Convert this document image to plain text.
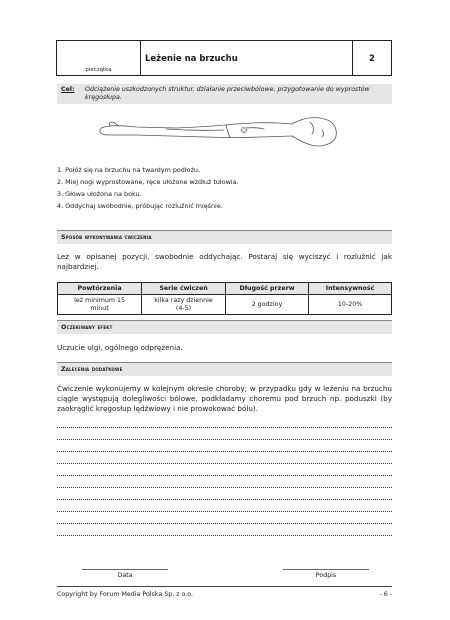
pieczątka
Leżenie na brzuchu	2
Cel: Odciążenie uszkodzonych struktur, działanie przeciwbólowe, przygotowanie do wyprostów kręgosłupa.
1. Połóż się na brzuchu na twardym podłożu.
2. Miej nogi wyprostowane, ręce ułożone wzdłuż tułowia.
3. Głowa ułożona na boku.
4. Oddychaj swobodnie, próbując rozluźnić mięśnie.
Sposób wykonywania ćwiczenia
Leż w opisanej pozycji, swobodnie oddychając. Postaraj się wyciszyć i rozluźnić jak najbardziej.
Powtórzenia	Serie ćwiczeń	Długość przerw	Intensywność
leż minimum 15 minut	kilka razy dziennie (4-5)	2 godziny	10-20%
Oczekiwany efekt
Uczucie ulgi, ogólnego odprężenia.
Zalecenia dodatkowe
Ćwiczenie wykonujemy w kolejnym okresie choroby; w przypadku gdy w leżeniu na brzuchu ciągle występują dolegliwości bólowe, podkładamy choremu pod brzuch np. poduszki (by zaokrąglić kręgosłup lędźwiowy i nie prowokować bólu).
Data	Podpis
Copyright by Forum Media Polska Sp. z o.o.	- 6 -
